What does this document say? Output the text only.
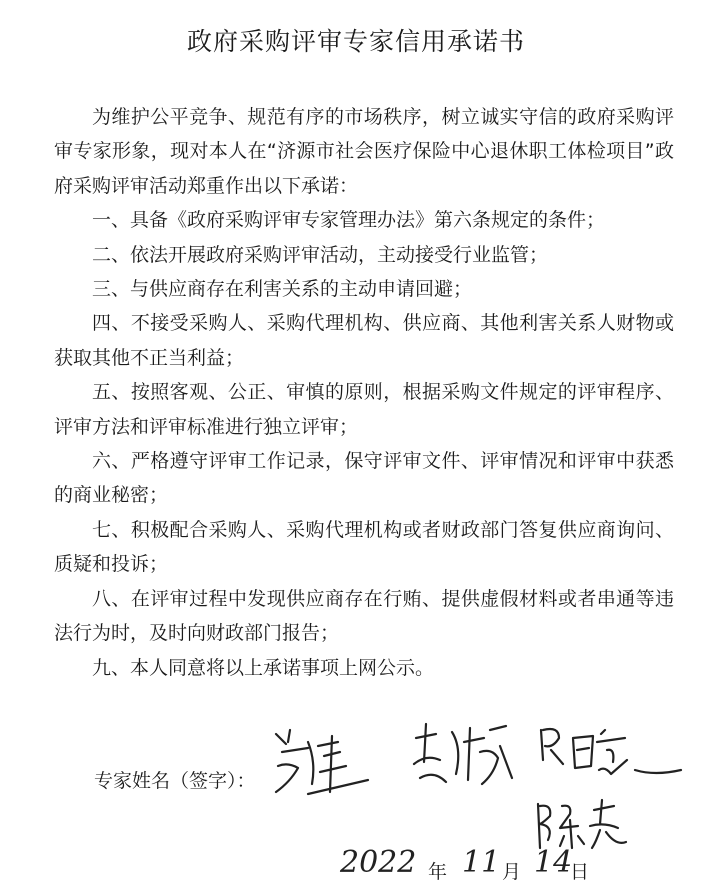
政府采购评审专家信用承诺书

为维护公平竞争、规范有序的市场秩序，树立诚实守信的政府采购评审专家形象，现对本人在“济源市社会医疗保险中心退休职工体检项目”政府采购评审活动郑重作出以下承诺：

一、具备《政府采购评审专家管理办法》第六条规定的条件；

二、依法开展政府采购评审活动，主动接受行业监管；

三、与供应商存在利害关系的主动申请回避；

四、不接受采购人、采购代理机构、供应商、其他利害关系人财物或获取其他不正当利益；

五、按照客观、公正、审慎的原则，根据采购文件规定的评审程序、评审方法和评审标准进行独立评审；

六、严格遵守评审工作记录，保守评审文件、评审情况和评审中获悉的商业秘密；

七、积极配合采购人、采购代理机构或者财政部门答复供应商询问、质疑和投诉；

八、在评审过程中发现供应商存在行贿、提供虚假材料或者串通等违法行为时，及时向财政部门报告；

九、本人同意将以上承诺事项上网公示。

专家姓名（签字）：
2022 年 11 月 14
日
